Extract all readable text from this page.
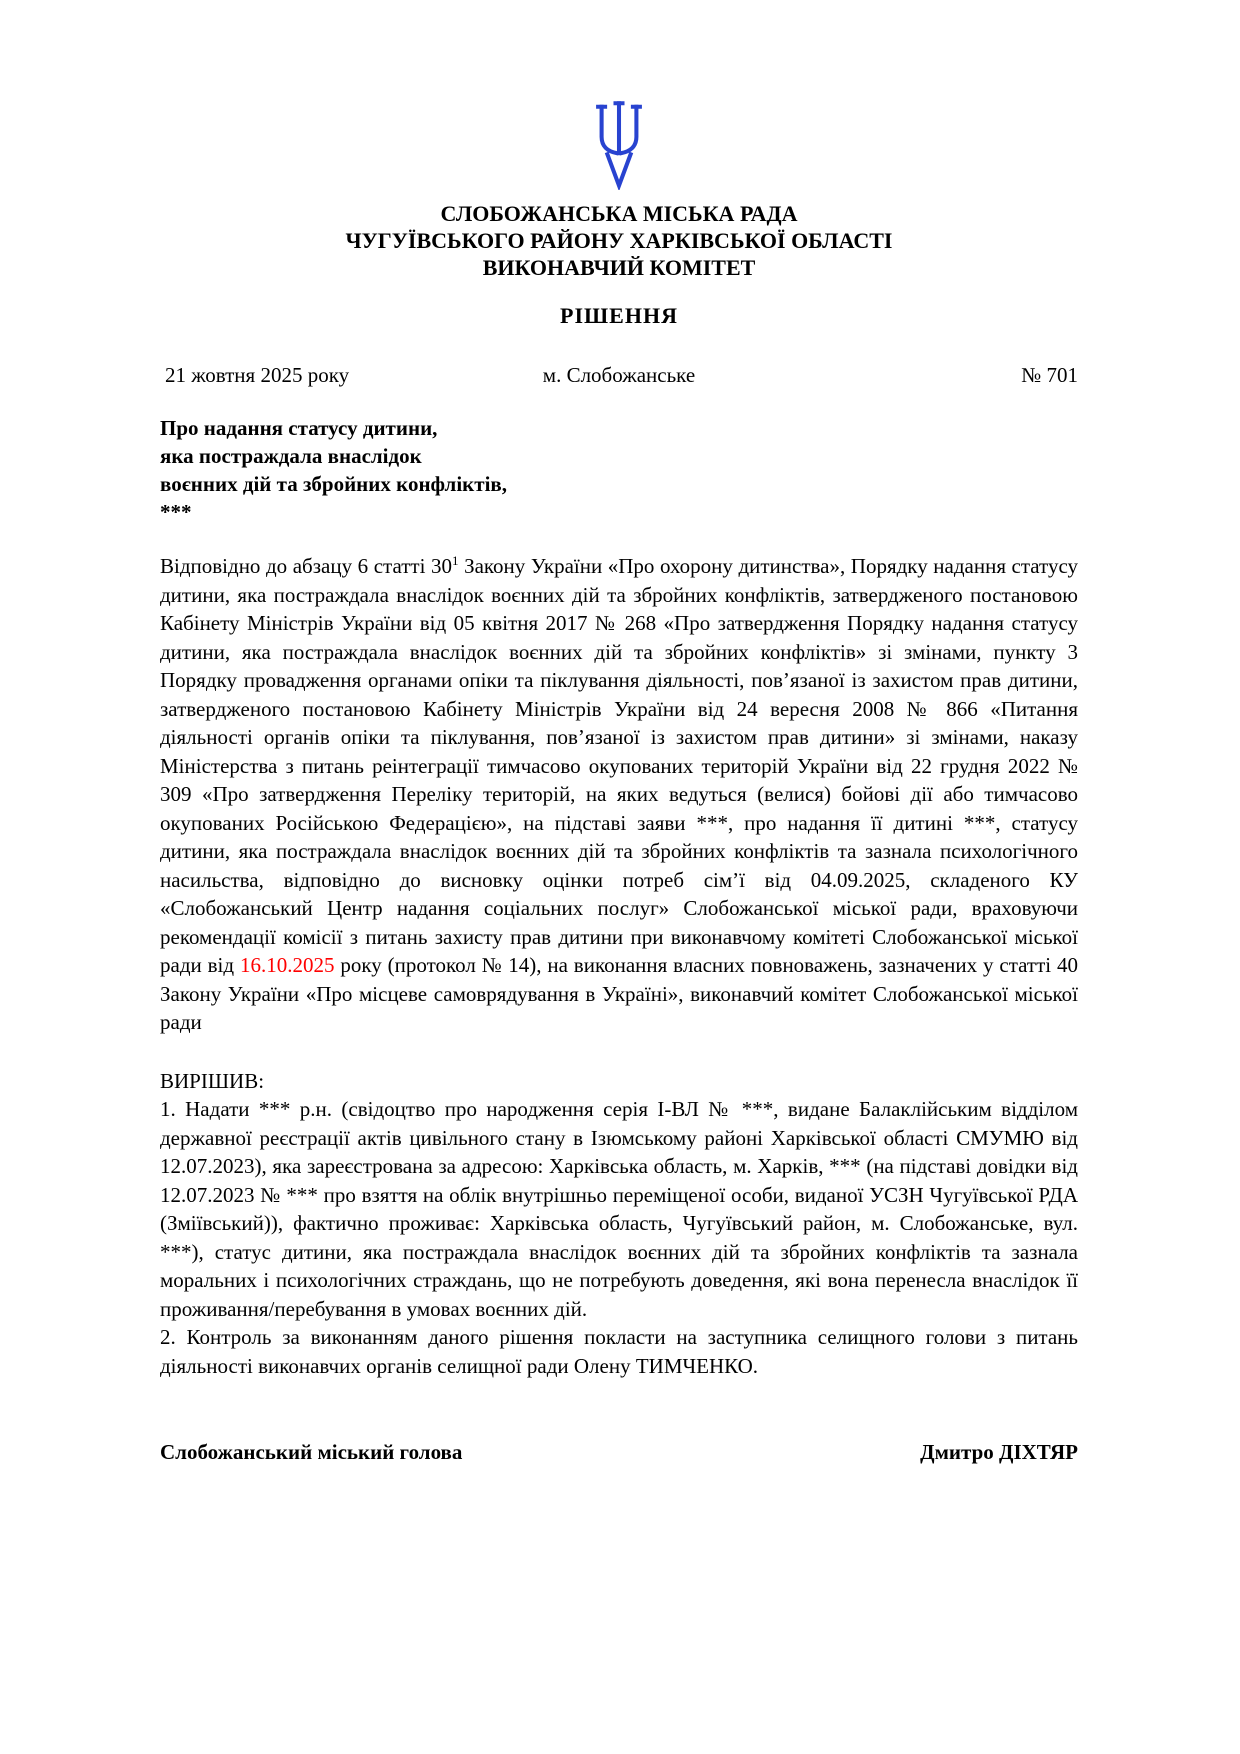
СЛОБОЖАНСЬКА МІСЬКА РАДА
ЧУГУЇВСЬКОГО РАЙОНУ ХАРКІВСЬКОЇ ОБЛАСТІ
ВИКОНАВЧИЙ КОМІТЕТ
РІШЕННЯ
21 жовтня 2025 року	м. Слобожанське	№ 701
Про надання статусу дитини,
яка постраждала внаслідок
воєнних дій та збройних конфліктів,
***

Відповідно до абзацу 6 статті 30$^1$ Закону України «Про охорону дитинства», Порядку надання статусу дитини, яка постраждала внаслідок воєнних дій та збройних конфліктів, затвердженого постановою Кабінету Міністрів України від 05 квітня 2017 № 268 «Про затвердження Порядку надання статусу дитини, яка постраждала внаслідок воєнних дій та збройних конфліктів» зі змінами, пункту 3 Порядку провадження органами опіки та піклування діяльності, пов’язаної із захистом прав дитини, затвердженого постановою Кабінету Міністрів України від 24 вересня 2008 № 866 «Питання діяльності органів опіки та піклування, пов’язаної із захистом прав дитини» зі змінами, наказу Міністерства з питань реінтеграції тимчасово окупованих територій України від 22 грудня 2022 № 309 «Про затвердження Переліку територій, на яких ведуться (велися) бойові дії або тимчасово окупованих Російською Федерацією», на підставі заяви ***, про надання її дитині ***, статусу дитини, яка постраждала внаслідок воєнних дій та збройних конфліктів та зазнала психологічного насильства, відповідно до висновку оцінки потреб сім’ї від 04.09.2025, складеного КУ «Слобожанський Центр надання соціальних послуг» Слобожанської міської ради, враховуючи рекомендації комісії з питань захисту прав дитини при виконавчому комітеті Слобожанської міської ради від 16.10.2025 року (протокол № 14), на виконання власних повноважень, зазначених у статті 40 Закону України «Про місцеве самоврядування в Україні», виконавчий комітет Слобожанської міської ради

ВИРІШИВ:

1. Надати *** р.н. (свідоцтво про народження серія І-ВЛ № ***, видане Балаклійським відділом державної реєстрації актів цивільного стану в Ізюмському районі Харківської області СМУМЮ від 12.07.2023), яка зареєстрована за адресою: Харківська область, м. Харків, *** (на підставі довідки від 12.07.2023 № *** про взяття на облік внутрішньо переміщеної особи, виданої УСЗН Чугуївської РДА (Зміївський)), фактично проживає: Харківська область, Чугуївський район, м. Слобожанське, вул. ***), статус дитини, яка постраждала внаслідок воєнних дій та збройних конфліктів та зазнала моральних і психологічних страждань, що не потребують доведення, які вона перенесла внаслідок її проживання/перебування в умовах воєнних дій.

2. Контроль за виконанням даного рішення покласти на заступника селищного голови з питань діяльності виконавчих органів селищної ради Олену ТИМЧЕНКО.

Слобожанський міський голова	Дмитро ДІХТЯР
